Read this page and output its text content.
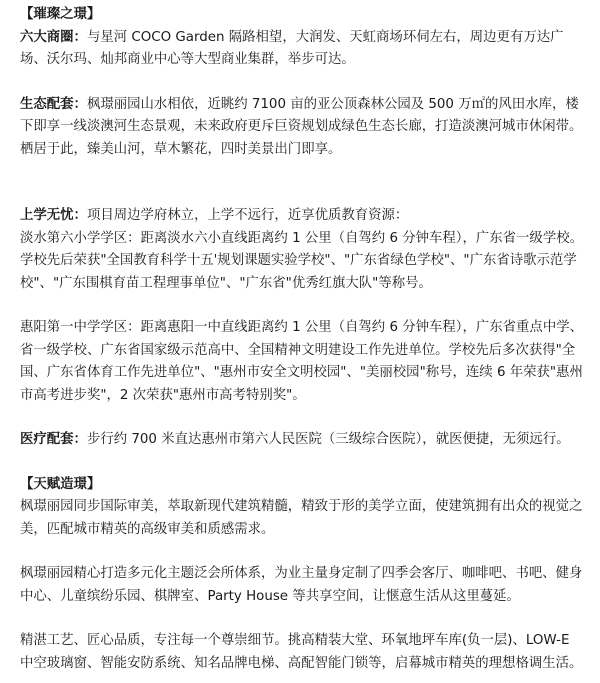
【璀璨之璟】

六大商圈：与星河 COCO Garden 隔路相望，大润发、天虹商场环伺左右，周边更有万达广场、沃尔玛、灿邦商业中心等大型商业集群，举步可达。

生态配套：枫璟丽园山水相依，近眺约 7100 亩的亚公顶森林公园及 500 万㎡的风田水库，楼下即享一线淡澳河生态景观，未来政府更斥巨资规划成绿色生态长廊，打造淡澳河城市休闲带。栖居于此，臻美山河，草木繁花，四时美景出门即享。

上学无忧：项目周边学府林立，上学不远行，近享优质教育资源：

淡水第六小学学区：距离淡水六小直线距离约 1 公里（自驾约 6 分钟车程），广东省一级学校。学校先后荣获"全国教育科学十五'规划课题实验学校"、"广东省绿色学校"、"广东省诗歌示范学校"、"广东围棋育苗工程理事单位"、"广东省"优秀红旗大队"等称号。

惠阳第一中学学区：距离惠阳一中直线距离约 1 公里（自驾约 6 分钟车程），广东省重点中学、省一级学校、广东省国家级示范高中、全国精神文明建设工作先进单位。学校先后多次获得"全国、广东省体育工作先进单位"、"惠州市安全文明校园"、"美丽校园"称号，连续 6 年荣获"惠州市高考进步奖"，2 次荣获"惠州市高考特别奖"。

医疗配套：步行约 700 米直达惠州市第六人民医院（三级综合医院），就医便捷，无须远行。

【天赋造璟】

枫璟丽园同步国际审美，萃取新现代建筑精髓，精致于形的美学立面，使建筑拥有出众的视觉之美，匹配城市精英的高级审美和质感需求。

枫璟丽园精心打造多元化主题泛会所体系，为业主量身定制了四季会客厅、咖啡吧、书吧、健身中心、儿童缤纷乐园、棋牌室、Party House 等共享空间，让惬意生活从这里蔓延。

精湛工艺、匠心品质，专注每一个尊崇细节。挑高精装大堂、环氧地坪车库(负一层)、LOW-E 中空玻璃窗、智能安防系统、知名品牌电梯、高配智能门锁等，启幕城市精英的理想格调生活。
